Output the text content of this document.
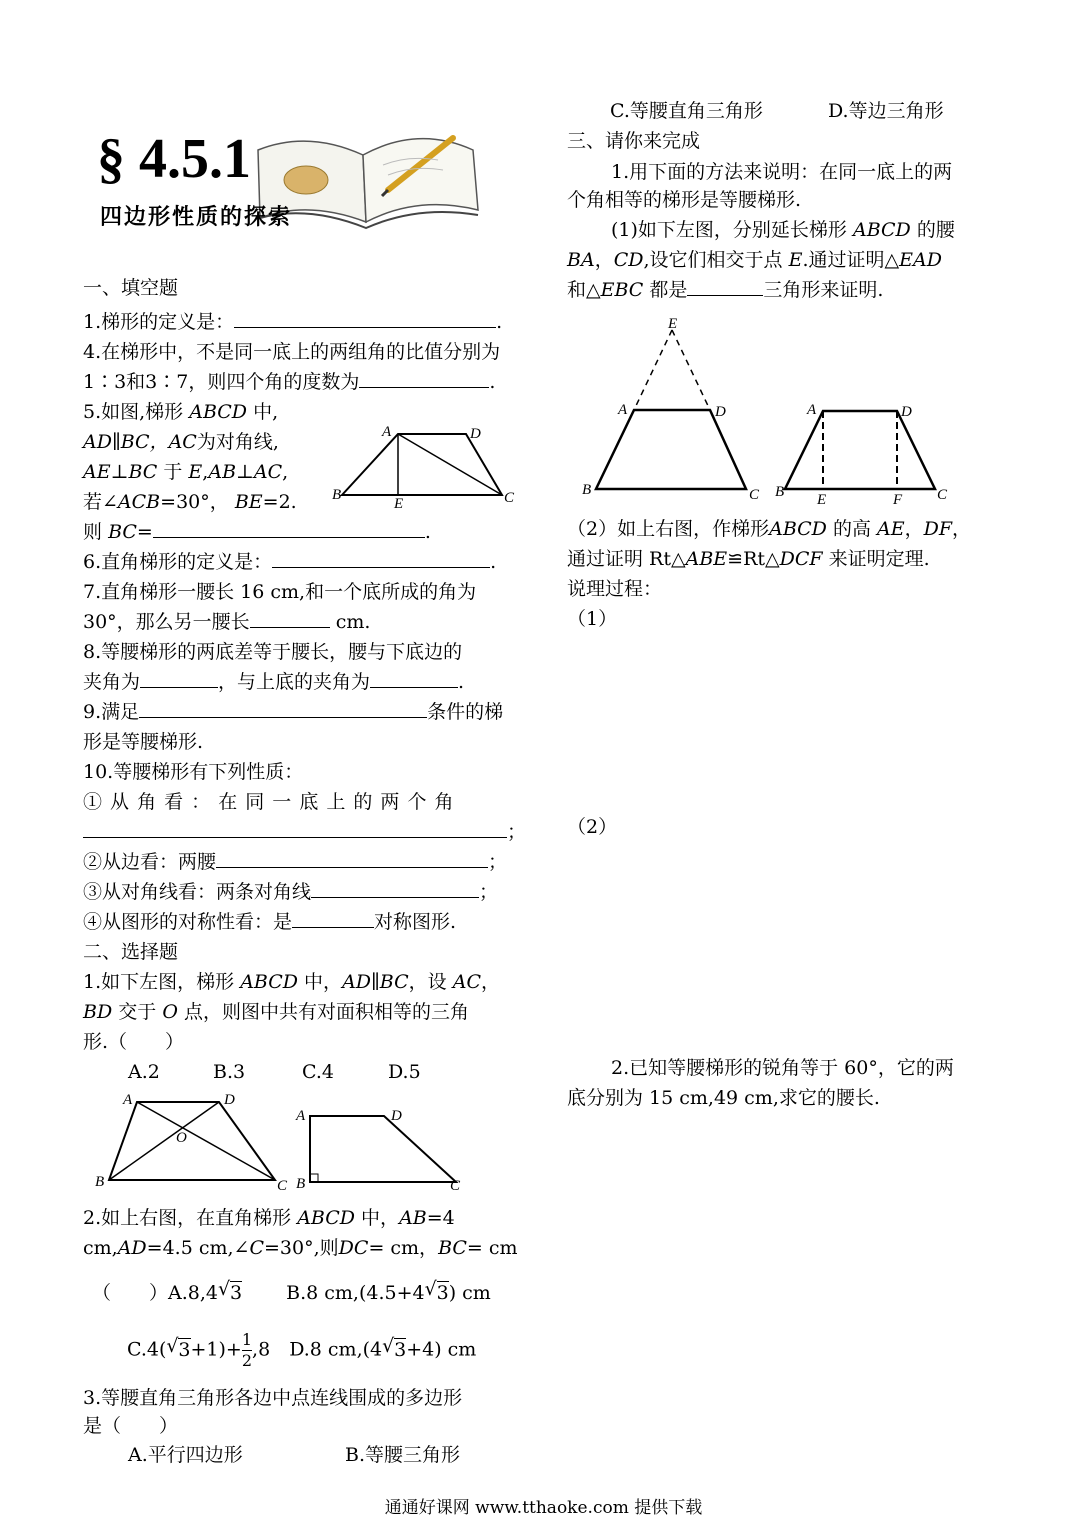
§ 4.5.1
四边形性质的探索
一、填空题
1.梯形的定义是：	.
4.在梯形中，不是同一底上的两组角的比值分别为
1∶3和3∶7，则四个角的度数为	.
5.如图,梯形 ABCD 中,
AD∥BC，AC为对角线,
AE⊥BC 于 E,AB⊥AC,
若∠ACB=30°， BE=2.
则 BC=	.
A	D
B
E	C
6.直角梯形的定义是：	.
7.直角梯形一腰长 16 cm,和一个底所成的角为
30°，那么另一腰长	cm.
8.等腰梯形的两底差等于腰长，腰与下底边的
夹角为	，与上底的夹角为	.
9.满足	条件的梯
形是等腰梯形.
10.等腰梯形有下列性质：
① 从 角 看 ： 在 同 一 底 上 的 两 个 角
；
②从边看：两腰	；
③从对角线看：两条对角线	；
④从图形的对称性看：是	对称图形.
二、选择题
1.如下左图，梯形 ABCD 中，AD∥BC，设 AC，
BD 交于 O 点，则图中共有对面积相等的三角
形.（　　）
A.2	B.3	C.4	D.5
A	D
O
B	C
A	D
B	C
2.如上右图，在直角梯形 ABCD 中，AB=4
cm,AD=4.5 cm,∠C=30°,则DC= cm，BC= cm
（　　）A.8,4 √ 3　　 B.8 cm,(4.5+4 √ 3) cm
C.4( √ $3+1)+ \frac{1}{2} ,8$　 D.8 cm,(4 √ 3+4) cm
3.等腰直角三角形各边中点连线围成的多边形
是（　　）
A.平行四边形	B.等腰三角形
C.等腰直角三角形	D.等边三角形
三、请你来完成
1.用下面的方法来说明：在同一底上的两
个角相等的梯形是等腰梯形.
(1)如下左图，分别延长梯形 ABCD 的腰
BA，CD,设它们相交于点 E.通过证明△EAD
和△EBC 都是	三角形来证明.
E
A	D
B	C
A	D
B E	F C
（2）如上右图，作梯形ABCD 的高 AE，DF，
通过证明 Rt△ABE≌Rt△DCF 来证明定理.
说理过程：
（1）
（2）
2.已知等腰梯形的锐角等于 60°，它的两
底分别为 15 cm,49 cm,求它的腰长.
通通好课网 www.tthaoke.com 提供下载
